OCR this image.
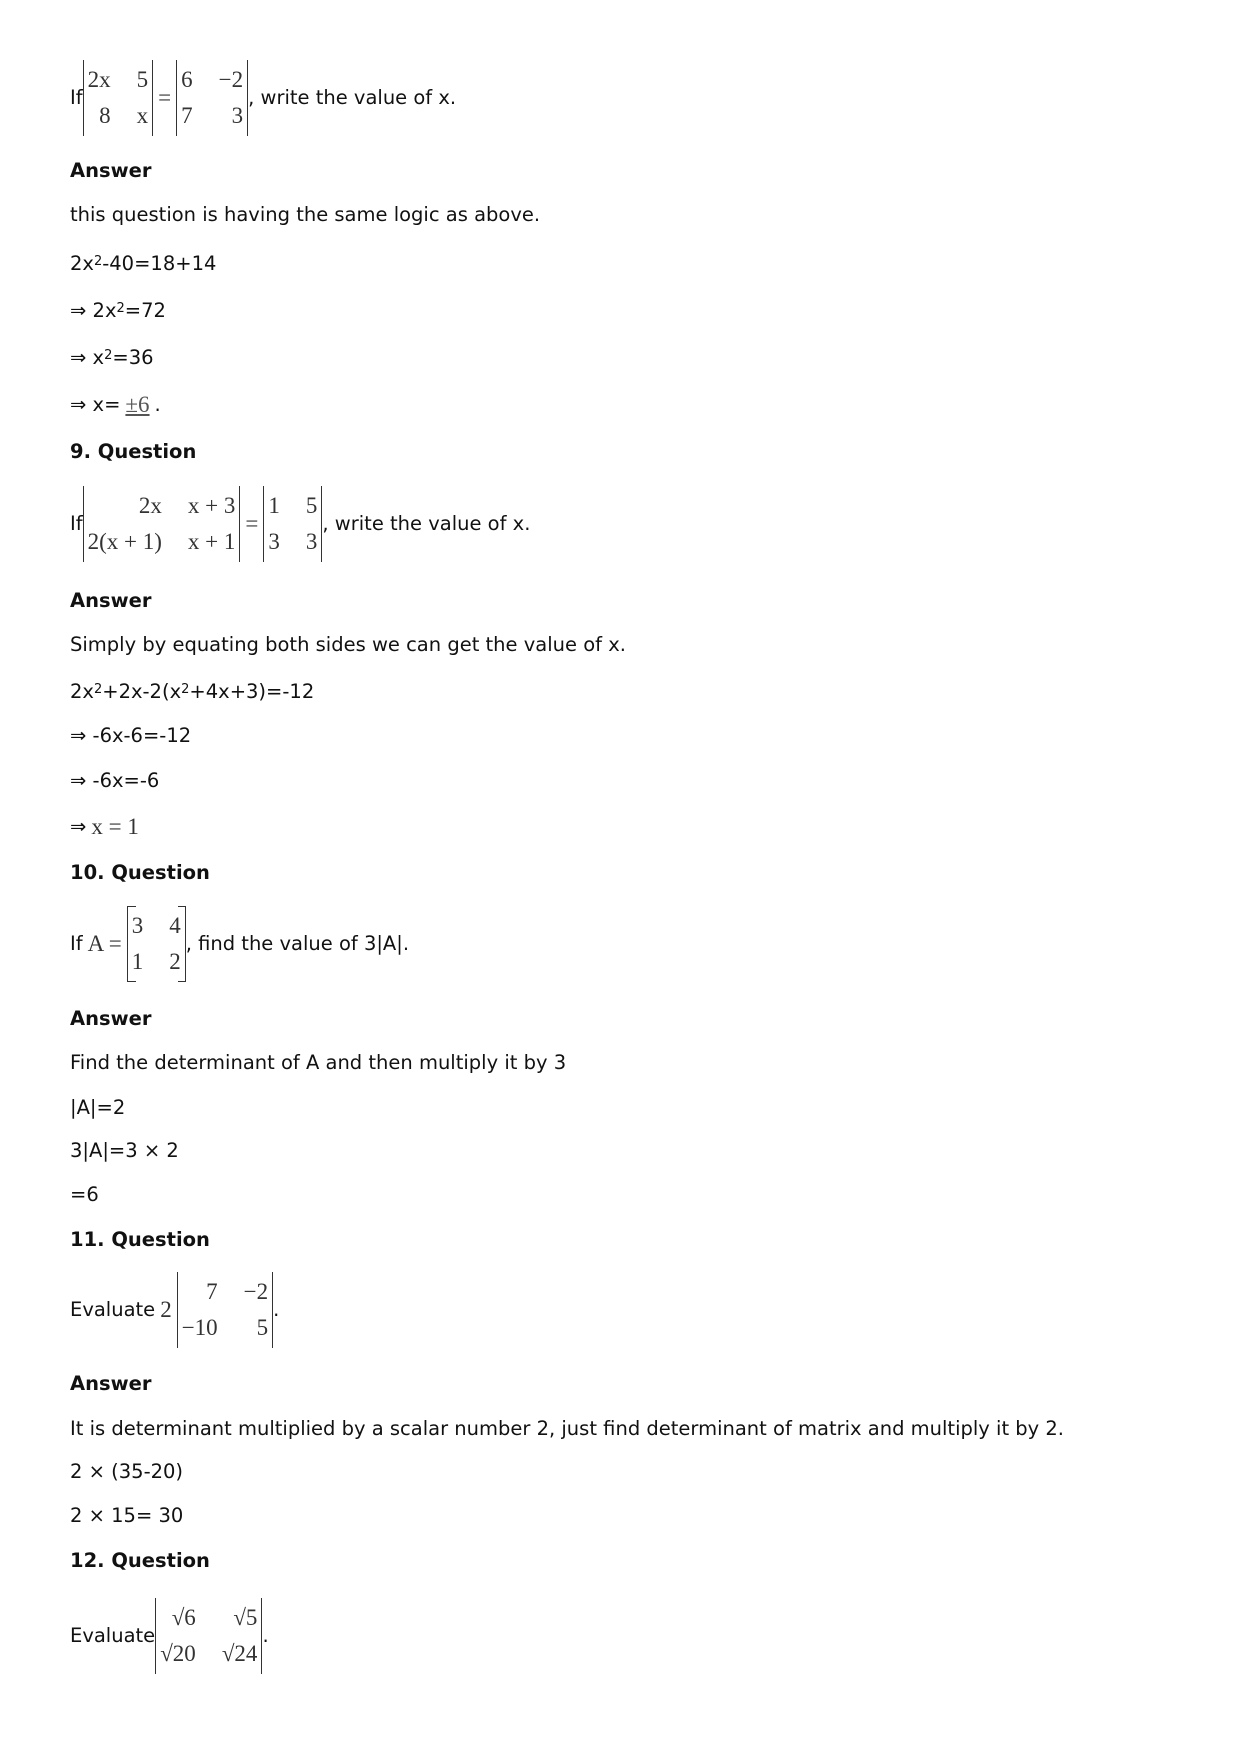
If
2x 5
8 x
=
6 −2
7	3
, write the value of x.
Answer
this question is having the same logic as above.
$2x^2$ -40=18+14
⇒ $2x^2 =72$
⇒ $x^2 =36$
⇒ x= ±6 .
9. Question
If
2x x + 3
2(x + 1) x + 1
=
1 5
3 3
, write the value of x.
Answer
Simply by equating both sides we can get the value of x.
$2x^2 +2x-2(x^2 +4x+3)=-12$
⇒ -6x-6=-12
⇒ -6x=-6
⇒ x = 1
10. Question
If A =
3 4
1 2
, find the value of 3|A|.
Answer
Find the determinant of A and then multiply it by 3
|A|=2
3|A|=3 × 2
=6
11. Question
Evaluate 2
7 −2
−10	5
.
Answer
It is determinant multiplied by a scalar number 2, just find determinant of matrix and multiply it by 2.
2 × (35-20)
2 × 15= 30
12. Question
Evaluate
√6	√5
√20 √24
.
